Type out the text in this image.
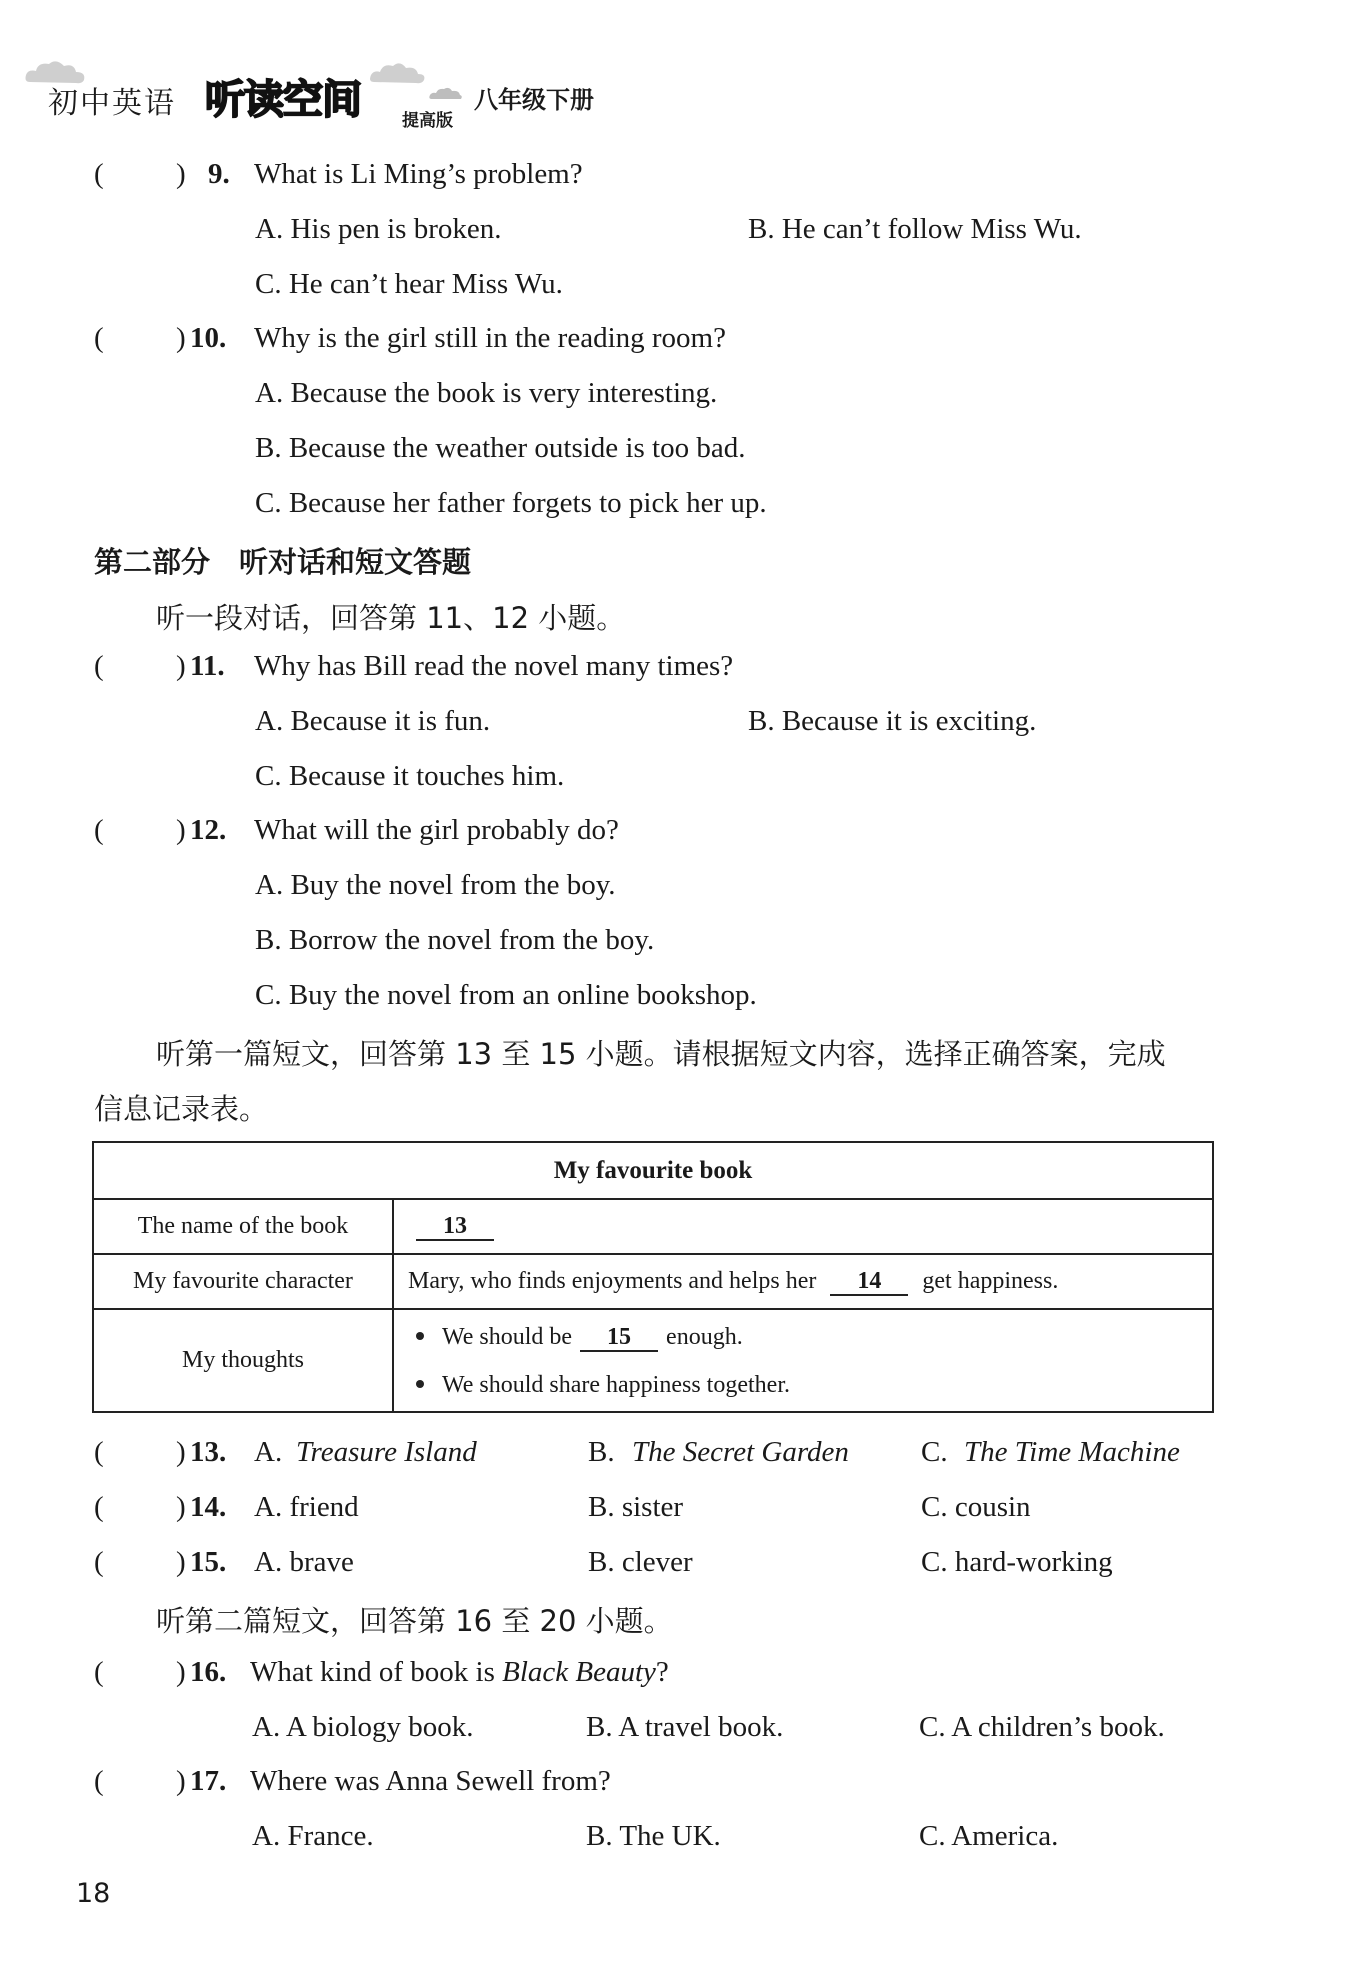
初中英语 听读空间 提高版
八年级下册
( ) 9. What is Li Ming’s problem?
A. His pen is broken.	B. He can’t follow Miss Wu.
C. He can’t hear Miss Wu.
( ) 10. Why is the girl still in the reading room?
A. Because the book is very interesting.
B. Because the weather outside is too bad.
C. Because her father forgets to pick her up.
第二部分　听对话和短文答题
听一段对话，回答第 11、12 小题。
( ) 11. Why has Bill read the novel many times?
A. Because it is fun.	B. Because it is exciting.
C. Because it touches him.
( ) 12. What will the girl probably do?
A. Buy the novel from the boy.
B. Borrow the novel from the boy.
C. Buy the novel from an online bookshop.
听第一篇短文，回答第 13 至 15 小题。请根据短文内容，选择正确答案，完成
信息记录表。
My favourite book	
The name of the book	13
My favourite character	Mary, who finds enjoyments and helps her 14 get happiness.
My thoughts	We should be 15 enough.
We should share happiness together.
( ) 13. A. Treasure Island	B. The Secret Garden C. The Time Machine
( ) 14. A. friend	B. sister	C. cousin
( ) 15. A. brave	B. clever	C. hard-working
听第二篇短文，回答第 16 至 20 小题。
( ) 16. What kind of book is Black Beauty?
A. A biology book.	B. A travel book.	C. A children’s book.
( ) 17. Where was Anna Sewell from?
A. France.	B. The UK.	C. America.
18
